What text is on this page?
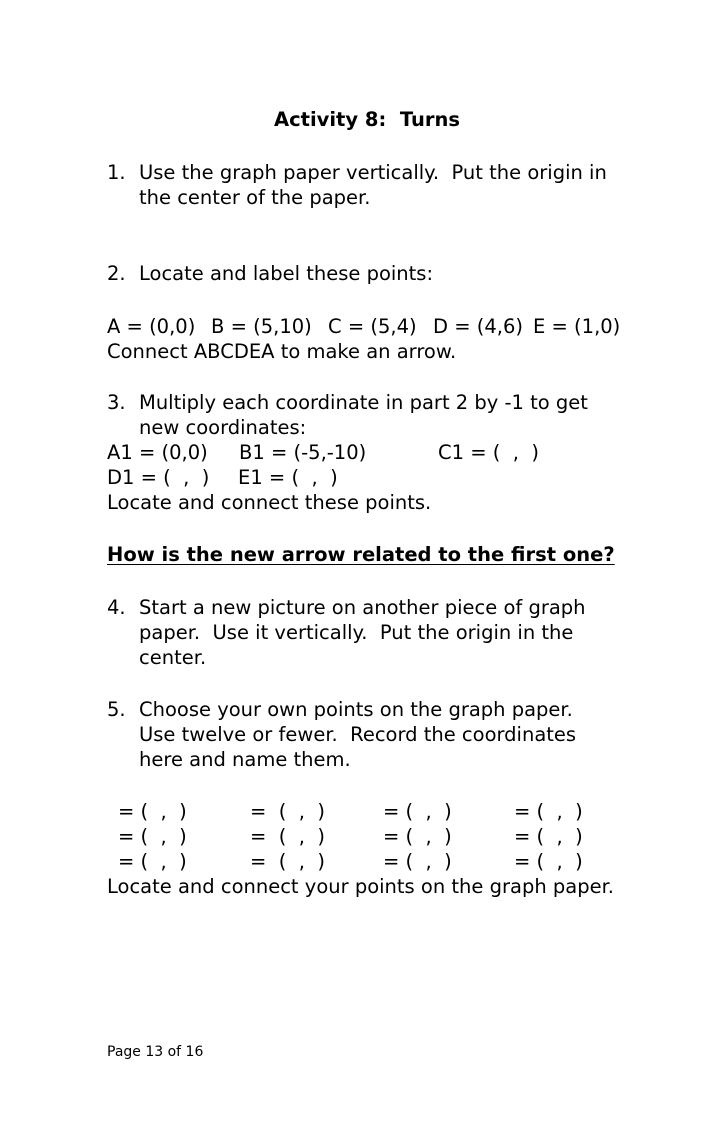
Activity 8:  Turns
1. Use the graph paper vertically.  Put the origin in
the center of the paper.
2. Locate and label these points:
A = (0,0) B = (5,10) C = (5,4) D = (4,6) E = (1,0)
Connect ABCDEA to make an arrow.
3. Multiply each coordinate in part 2 by -1 to get
new coordinates:
A1 = (0,0) B1 = (-5,-10)	C1 = (  ,  )
D1 = (  ,  ) E1 = (  ,  )
Locate and connect these points.
How is the new arrow related to the first one?
4. Start a new picture on another piece of graph
paper.  Use it vertically.  Put the origin in the
center.
5. Choose your own points on the graph paper.
Use twelve or fewer.  Record the coordinates
here and name them.
= (  ,  )	=  (  ,  )	= (  ,  )	= (  ,  )
= (  ,  )	=  (  ,  )	= (  ,  )	= (  ,  )
= (  ,  )	=  (  ,  )	= (  ,  )	= (  ,  )
Locate and connect your points on the graph paper.
Page 13 of 16
